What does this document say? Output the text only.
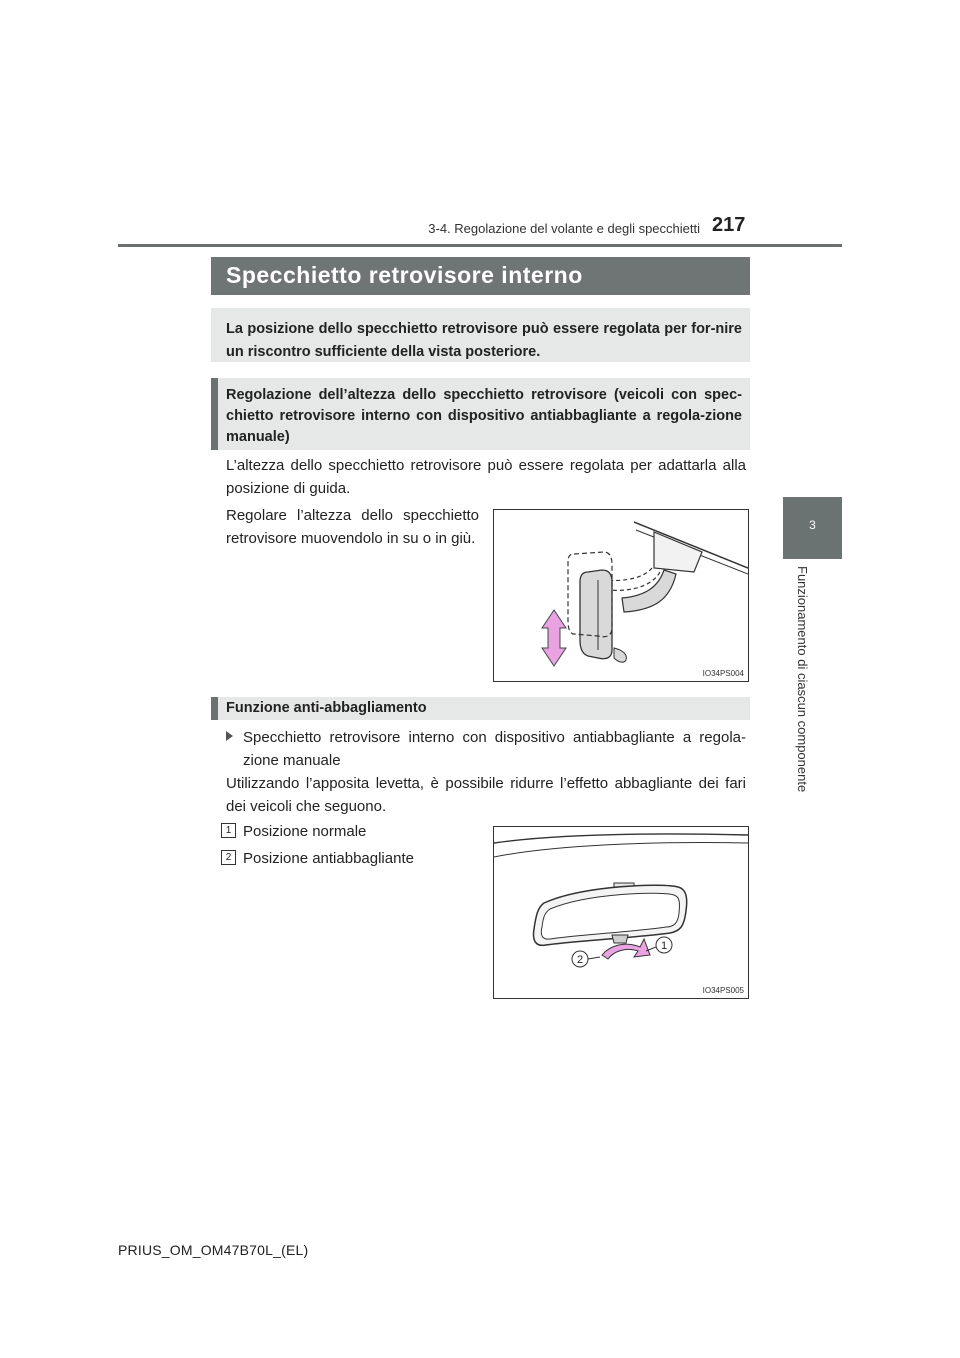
3-4. Regolazione del volante e degli specchietti 217
3
Funzionamento di ciascun componente
Specchietto retrovisore interno
La posizione dello specchietto retrovisore può essere regolata per for-nire un riscontro sufficiente della vista posteriore.
Regolazione dell’altezza dello specchietto retrovisore (veicoli con spec-chietto retrovisore interno con dispositivo antiabbagliante a regola-zione manuale)
L’altezza dello specchietto retrovisore può essere regolata per adattarla alla posizione di guida.
Regolare l’altezza dello specchietto retrovisore muovendolo in su o in giù.
IO34PS004
Funzione anti-abbagliamento
Specchietto retrovisore interno con dispositivo antiabbagliante a regola-zione manuale
Utilizzando l’apposita levetta, è possibile ridurre l’effetto abbagliante dei fari dei veicoli che seguono.
1 Posizione normale
2 Posizione antiabbagliante
1
2
IO34PS005
PRIUS_OM_OM47B70L_(EL)
